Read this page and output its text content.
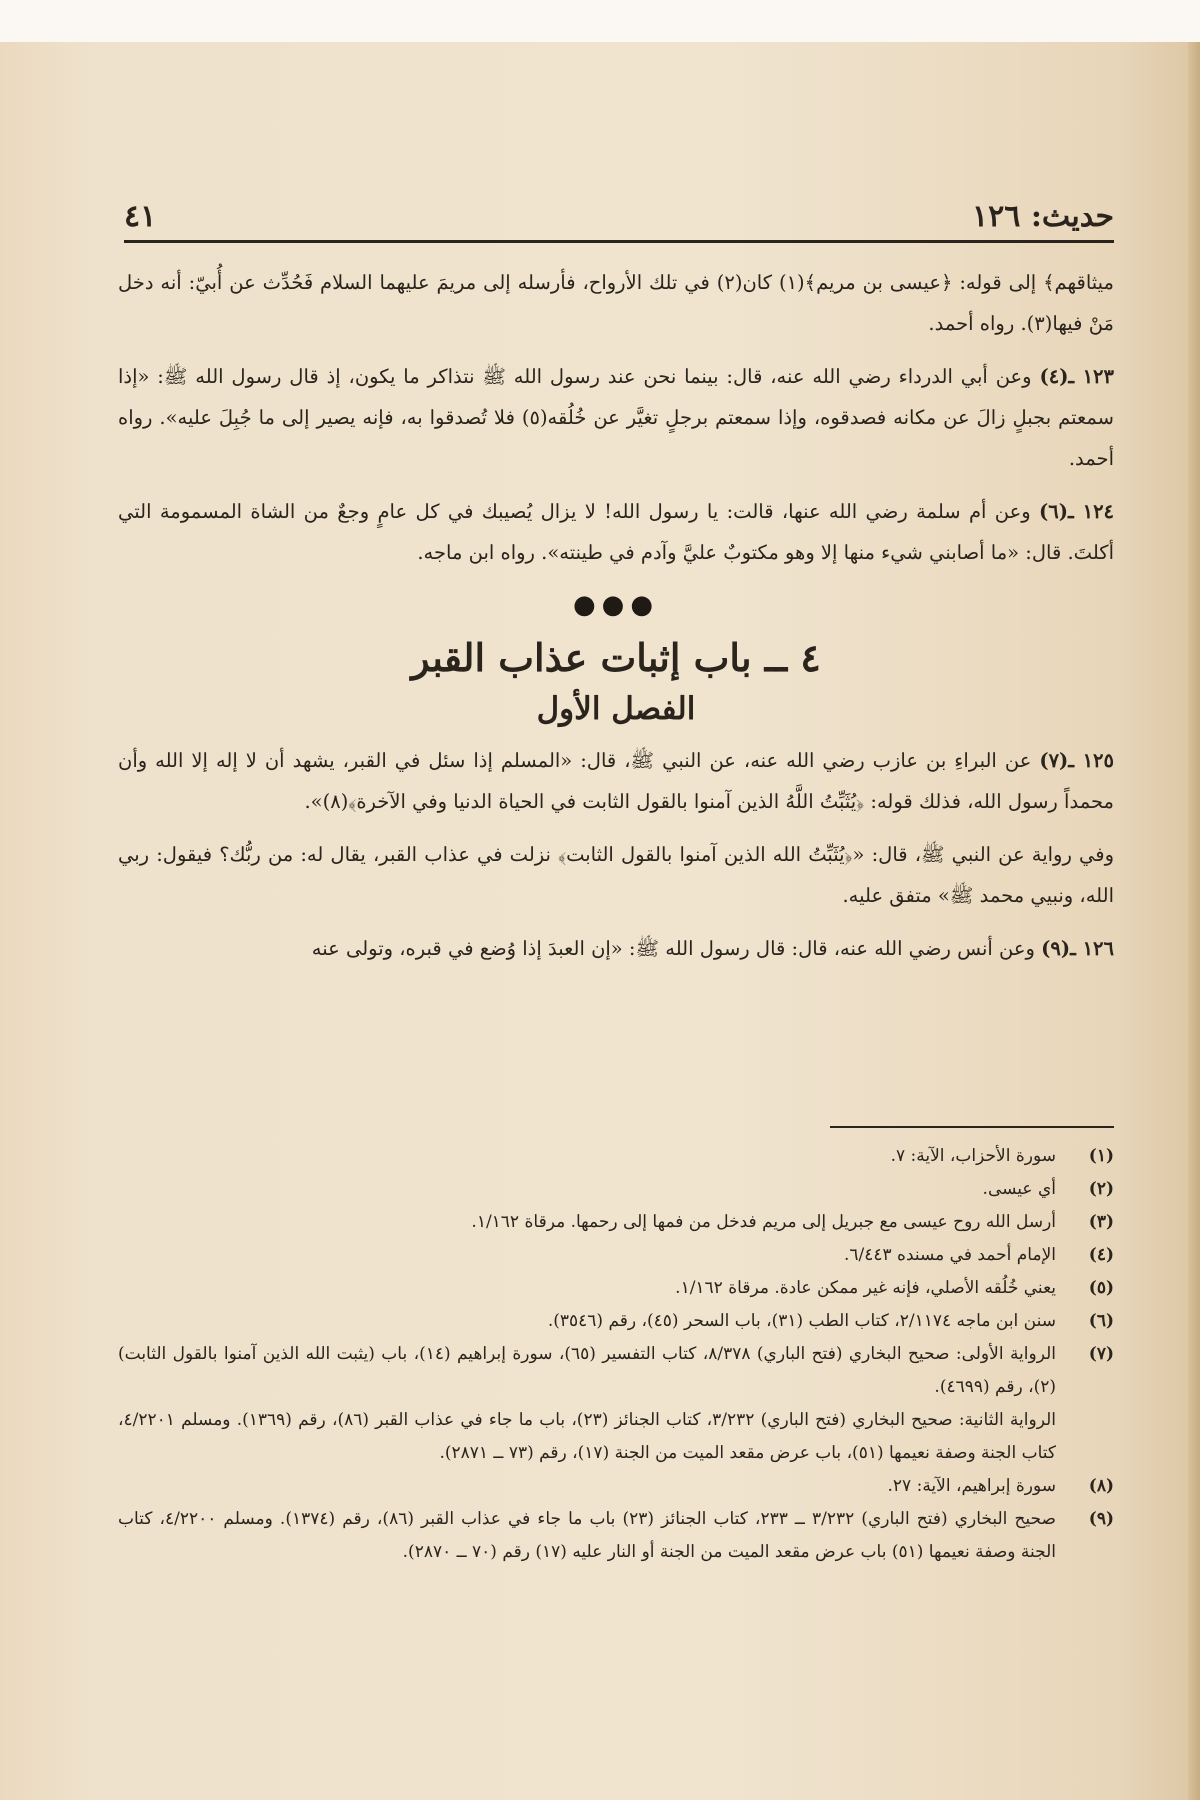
حديث: ١٢٦
٤١

ميثاقهم﴾ إلى قوله: ﴿عيسى بن مريم﴾(١) كان(٢) في تلك الأرواح، فأرسله إلى مريمَ عليهما السلام فَحُدِّث عن أُبيّ: أنه دخل مَنْ فيها(٣). رواه أحمد.

١٢٣ ـ(٤) وعن أبي الدرداء رضي الله عنه، قال: بينما نحن عند رسول الله ﷺ نتذاكر ما يكون، إذ قال رسول الله ﷺ: «إذا سمعتم بجبلٍ زالَ عن مكانه فصدقوه، وإذا سمعتم برجلٍ تغيَّر عن خُلُقه(٥) فلا تُصدقوا به، فإنه يصير إلى ما جُبِلَ عليه». رواه أحمد.

١٢٤ ـ(٦) وعن أم سلمة رضي الله عنها، قالت: يا رسول الله! لا يزال يُصيبك في كل عامٍ وجعٌ من الشاة المسمومة التي أكلتَ. قال: «ما أصابني شيء منها إلا وهو مكتوبٌ عليَّ وآدم في طينته». رواه ابن ماجه.

●●●
٤ ــ باب إثبات عذاب القبر
الفصل الأول

١٢٥ ـ(٧) عن البراءِ بن عازب رضي الله عنه، عن النبي ﷺ، قال: «المسلم إذا سئل في القبر، يشهد أن لا إله إلا الله وأن محمداً رسول الله، فذلك قوله: ﴿يُثَبِّتُ اللَّهُ الذين آمنوا بالقول الثابت في الحياة الدنيا وفي الآخرة﴾(٨)».

وفي رواية عن النبي ﷺ، قال: «﴿يُثَبِّتُ الله الذين آمنوا بالقول الثابت﴾ نزلت في عذاب القبر، يقال له: من ربُّك؟ فيقول: ربي الله، ونبيي محمد ﷺ» متفق عليه.

١٢٦ ـ(٩) وعن أنس رضي الله عنه، قال: قال رسول الله ﷺ: «إن العبدَ إذا وُضع في قبره، وتولى عنه

(١)
سورة الأحزاب، الآية: ٧.
(٢)
أي عيسى.
(٣)
أرسل الله روح عيسى مع جبريل إلى مريم فدخل من فمها إلى رحمها. مرقاة ١/١٦٢.
(٤)
الإمام أحمد في مسنده ٦/٤٤٣.
(٥)
يعني خُلُقه الأصلي، فإنه غير ممكن عادة. مرقاة ١/١٦٢.
(٦)
سنن ابن ماجه ٢/١١٧٤، كتاب الطب (٣١)، باب السحر (٤٥)، رقم (٣٥٤٦).
(٧)
الرواية الأولى: صحيح البخاري (فتح الباري) ٨/٣٧٨، كتاب التفسير (٦٥)، سورة إبراهيم (١٤)، باب (يثبت الله الذين آمنوا بالقول الثابت) (٢)، رقم (٤٦٩٩).

الرواية الثانية: صحيح البخاري (فتح الباري) ٣/٢٣٢، كتاب الجنائز (٢٣)، باب ما جاء في عذاب القبر (٨٦)، رقم (١٣٦٩). ومسلم ٤/٢٢٠١، كتاب الجنة وصفة نعيمها (٥١)، باب عرض مقعد الميت من الجنة (١٧)، رقم (٧٣ ــ ٢٨٧١).

(٨)
سورة إبراهيم، الآية: ٢٧.
(٩)
صحيح البخاري (فتح الباري) ٣/٢٣٢ ــ ٢٣٣، كتاب الجنائز (٢٣) باب ما جاء في عذاب القبر (٨٦)، رقم (١٣٧٤). ومسلم ٤/٢٢٠٠، كتاب الجنة وصفة نعيمها (٥١) باب عرض مقعد الميت من الجنة أو النار عليه (١٧) رقم (٧٠ ــ ٢٨٧٠).
